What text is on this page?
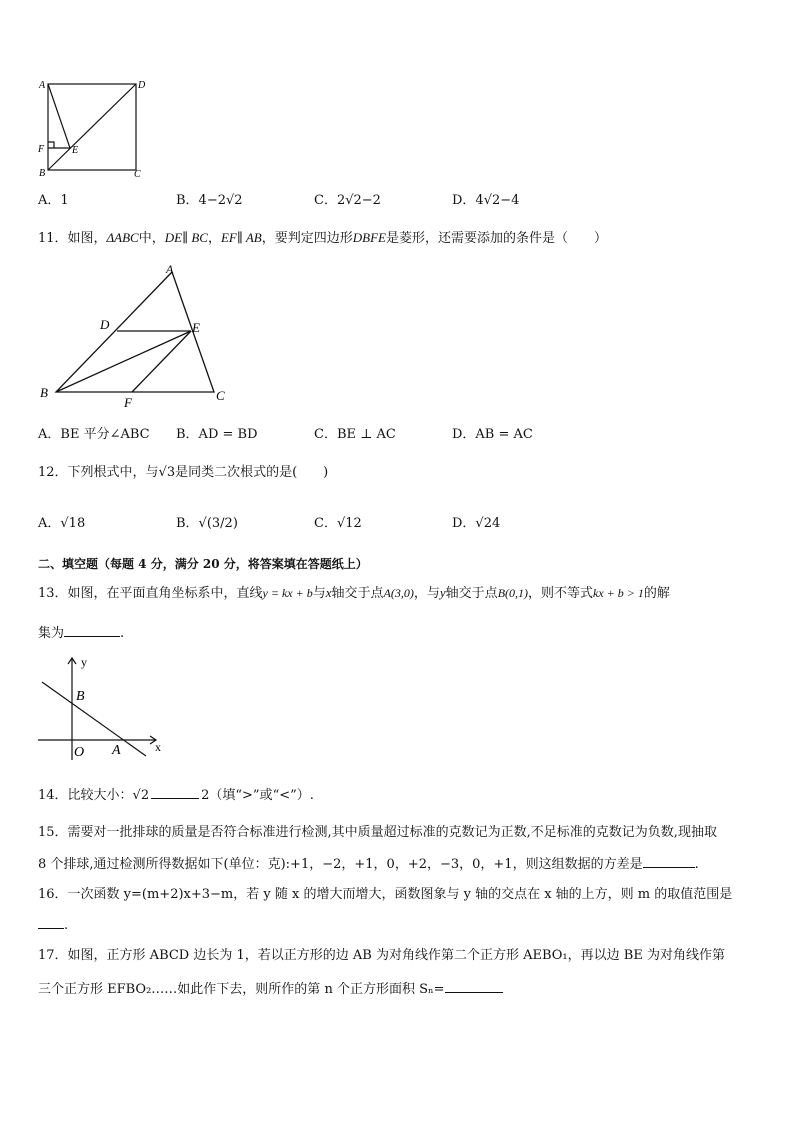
A	D
F	E
B	C
A．1	B．4−2√2	C．2√2−2	D．4√2−4
11．如图，ΔABC中，DE∥ BC，EF∥ AB，要判定四边形DBFE是菱形，还需要添加的条件是（　　）
A
D	E
B
F	C
A．BE 平分∠ABC B．AD = BD	C．BE ⊥ AC	D．AB = AC
12．下列根式中，与√3是同类二次根式的是(　　)
A．√18	B．√(3/2)	C．√12	D．√24
二、填空题（每题 4 分，满分 20 分，将答案填在答题纸上）
13．如图，在平面直角坐标系中，直线y = kx + b与x轴交于点A(3,0)，与y轴交于点B(0,1)，则不等式kx + b > 1的解
集为	.
y
x
B
O A
14．比较大小：√2	2（填“>”或“<”）.
15．需要对一批排球的质量是否符合标准进行检测,其中质量超过标准的克数记为正数,不足标准的克数记为负数,现抽取
8 个排球,通过检测所得数据如下(单位：克):+1，−2，+1，0，+2，−3，0，+1，则这组数据的方差是	.
16．一次函数 y=(m+2)x+3−m，若 y 随 x 的增大而增大，函数图象与 y 轴的交点在 x 轴的上方，则 m 的取值范围是
.
17．如图，正方形 ABCD 边长为 1，若以正方形的边 AB 为对角线作第二个正方形 AEBO₁，再以边 BE 为对角线作第
三个正方形 EFBO₂……如此作下去，则所作的第 n 个正方形面积 Sₙ=
